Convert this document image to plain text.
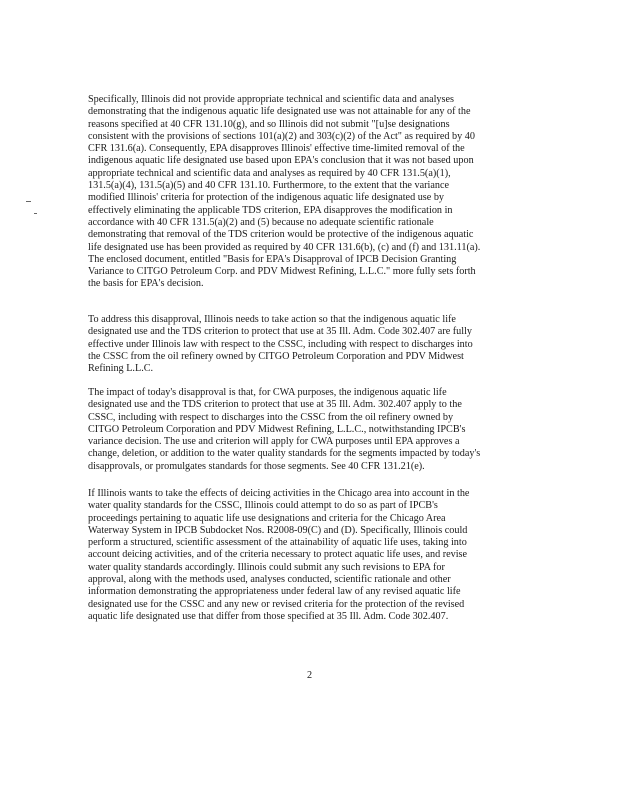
Specifically, Illinois did not provide appropriate technical and scientific data and analyses
demonstrating that the indigenous aquatic life designated use was not attainable for any of the
reasons specified at 40 CFR 131.10(g), and so Illinois did not submit "[u]se designations
consistent with the provisions of sections 101(a)(2) and 303(c)(2) of the Act" as required by 40
CFR 131.6(a). Consequently, EPA disapproves Illinois' effective time-limited removal of the
indigenous aquatic life designated use based upon EPA's conclusion that it was not based upon
appropriate technical and scientific data and analyses as required by 40 CFR 131.5(a)(1),
131.5(a)(4), 131.5(a)(5) and 40 CFR 131.10. Furthermore, to the extent that the variance
modified Illinois' criteria for protection of the indigenous aquatic life designated use by
effectively eliminating the applicable TDS criterion, EPA disapproves the modification in
accordance with 40 CFR 131.5(a)(2) and (5) because no adequate scientific rationale
demonstrating that removal of the TDS criterion would be protective of the indigenous aquatic
life designated use has been provided as required by 40 CFR 131.6(b), (c) and (f) and 131.11(a).
The enclosed document, entitled "Basis for EPA's Disapproval of IPCB Decision Granting
Variance to CITGO Petroleum Corp. and PDV Midwest Refining, L.L.C." more fully sets forth
the basis for EPA's decision.
To address this disapproval, Illinois needs to take action so that the indigenous aquatic life
designated use and the TDS criterion to protect that use at 35 Ill. Adm. Code 302.407 are fully
effective under Illinois law with respect to the CSSC, including with respect to discharges into
the CSSC from the oil refinery owned by CITGO Petroleum Corporation and PDV Midwest
Refining L.L.C.
The impact of today's disapproval is that, for CWA purposes, the indigenous aquatic life
designated use and the TDS criterion to protect that use at 35 Ill. Adm. 302.407 apply to the
CSSC, including with respect to discharges into the CSSC from the oil refinery owned by
CITGO Petroleum Corporation and PDV Midwest Refining, L.L.C., notwithstanding IPCB's
variance decision. The use and criterion will apply for CWA purposes until EPA approves a
change, deletion, or addition to the water quality standards for the segments impacted by today's
disapprovals, or promulgates standards for those segments. See 40 CFR 131.21(e).
If Illinois wants to take the effects of deicing activities in the Chicago area into account in the
water quality standards for the CSSC, Illinois could attempt to do so as part of IPCB's
proceedings pertaining to aquatic life use designations and criteria for the Chicago Area
Waterway System in IPCB Subdocket Nos. R2008-09(C) and (D). Specifically, Illinois could
perform a structured, scientific assessment of the attainability of aquatic life uses, taking into
account deicing activities, and of the criteria necessary to protect aquatic life uses, and revise
water quality standards accordingly. Illinois could submit any such revisions to EPA for
approval, along with the methods used, analyses conducted, scientific rationale and other
information demonstrating the appropriateness under federal law of any revised aquatic life
designated use for the CSSC and any new or revised criteria for the protection of the revised
aquatic life designated use that differ from those specified at 35 Ill. Adm. Code 302.407.
2
